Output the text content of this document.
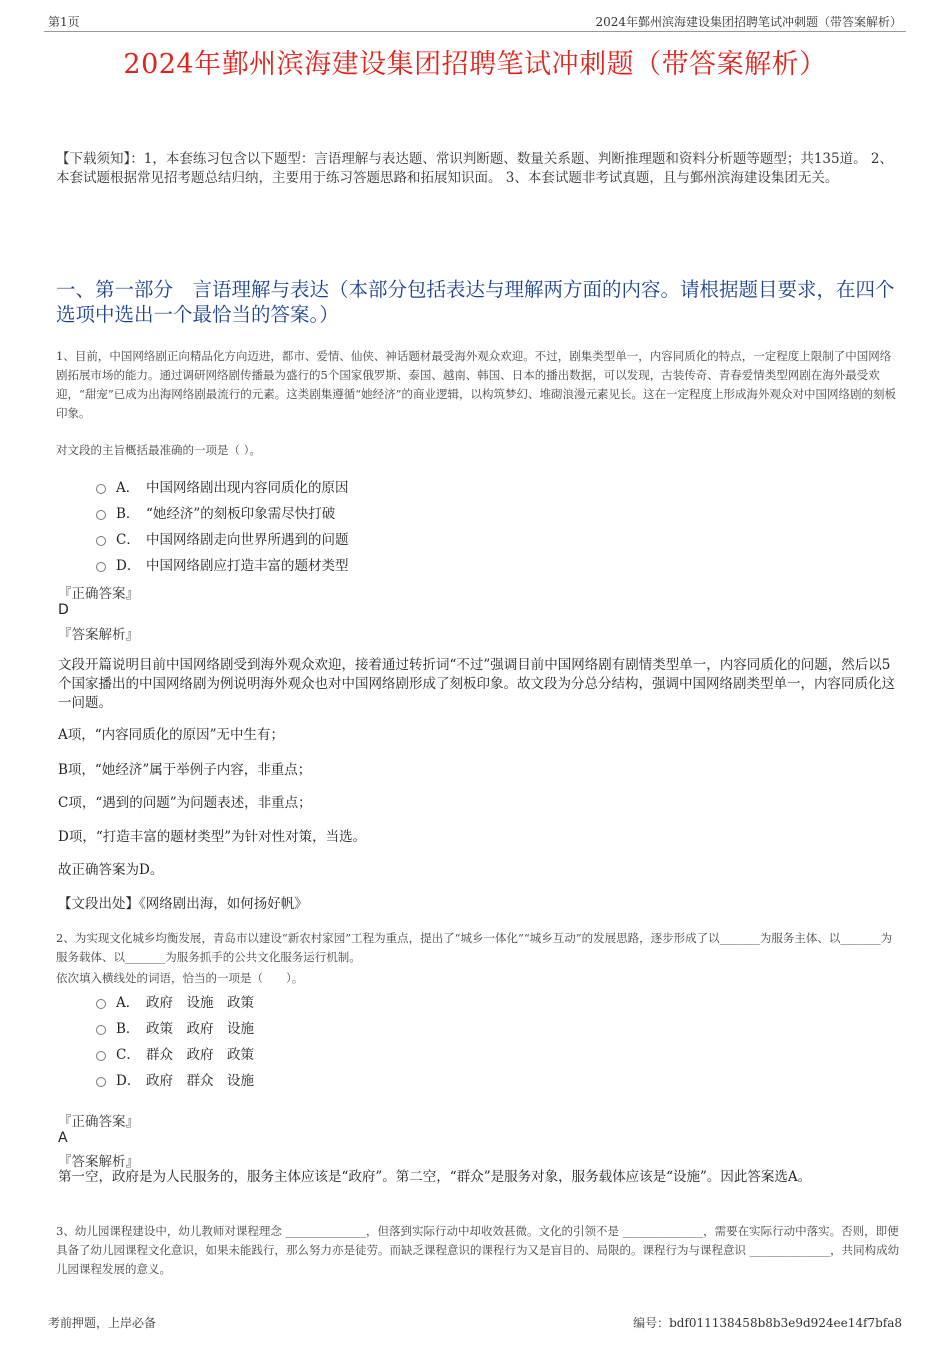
第1页	2024年鄞州滨海建设集团招聘笔试冲刺题（带答案解析）
2024年鄞州滨海建设集团招聘笔试冲刺题（带答案解析）
【下载须知】：1，本套练习包含以下题型：言语理解与表达题、常识判断题、数量关系题、判断推理题和资料分析题等题型；共135道。 2、本套试题根据常见招考题总结归纳，主要用于练习答题思路和拓展知识面。 3、本套试题非考试真题，且与鄞州滨海建设集团无关。
一、第一部分　言语理解与表达（本部分包括表达与理解两方面的内容。请根据题目要求，在四个选项中选出一个最恰当的答案。）
1、目前，中国网络剧正向精品化方向迈进，都市、爱情、仙侠、神话题材最受海外观众欢迎。不过，剧集类型单一，内容同质化的特点，一定程度上限制了中国网络剧拓展市场的能力。通过调研网络剧传播最为盛行的5个国家俄罗斯、泰国、越南、韩国、日本的播出数据，可以发现，古装传奇、青春爱情类型网剧在海外最受欢迎，“甜宠”已成为出海网络剧最流行的元素。这类剧集遵循“她经济”的商业逻辑，以构筑梦幻、堆砌浪漫元素见长。这在一定程度上形成海外观众对中国网络剧的刻板印象。
对文段的主旨概括最准确的一项是（ ）。
A． 中国网络剧出现内容同质化的原因
B． “她经济”的刻板印象需尽快打破
C． 中国网络剧走向世界所遇到的问题
D． 中国网络剧应打造丰富的题材类型
『正确答案』
D
『答案解析』
文段开篇说明目前中国网络剧受到海外观众欢迎，接着通过转折词“不过”强调目前中国网络剧有剧情类型单一，内容同质化的问题，然后以5个国家播出的中国网络剧为例说明海外观众也对中国网络剧形成了刻板印象。故文段为分总分结构，强调中国网络剧类型单一，内容同质化这一问题。
A项，“内容同质化的原因”无中生有；
B项，“她经济”属于举例子内容，非重点；
C项，“遇到的问题”为问题表述，非重点；
D项，“打造丰富的题材类型”为针对性对策，当选。
故正确答案为D。
【文段出处】《网络剧出海，如何扬好帆》
2、为实现文化城乡均衡发展，青岛市以建设“新农村家园”工程为重点，提出了“城乡一体化”“城乡互动”的发展思路，逐步形成了以_______为服务主体、以_______为服务载体、以_______为服务抓手的公共文化服务运行机制。
依次填入横线处的词语，恰当的一项是（　　）。
A． 政府　设施　政策
B． 政策　政府　设施
C． 群众　政府　政策
D． 政府　群众　设施
『正确答案』
A
『答案解析』
第一空，政府是为人民服务的，服务主体应该是“政府”。第二空，“群众”是服务对象，服务载体应该是“设施”。因此答案选A。
3、幼儿园课程建设中，幼儿教师对课程理念 ______________，但落到实际行动中却收效甚微。文化的引领不是 ______________，需要在实际行动中落实。否则，即便具备了幼儿园课程文化意识，如果未能践行，那么努力亦是徒劳。而缺乏课程意识的课程行为又是盲目的、局限的。课程行为与课程意识 ______________，共同构成幼儿园课程发展的意义。
考前押题，上岸必备	编号：bdf011138458b8b3e9d924ee14f7bfa8
